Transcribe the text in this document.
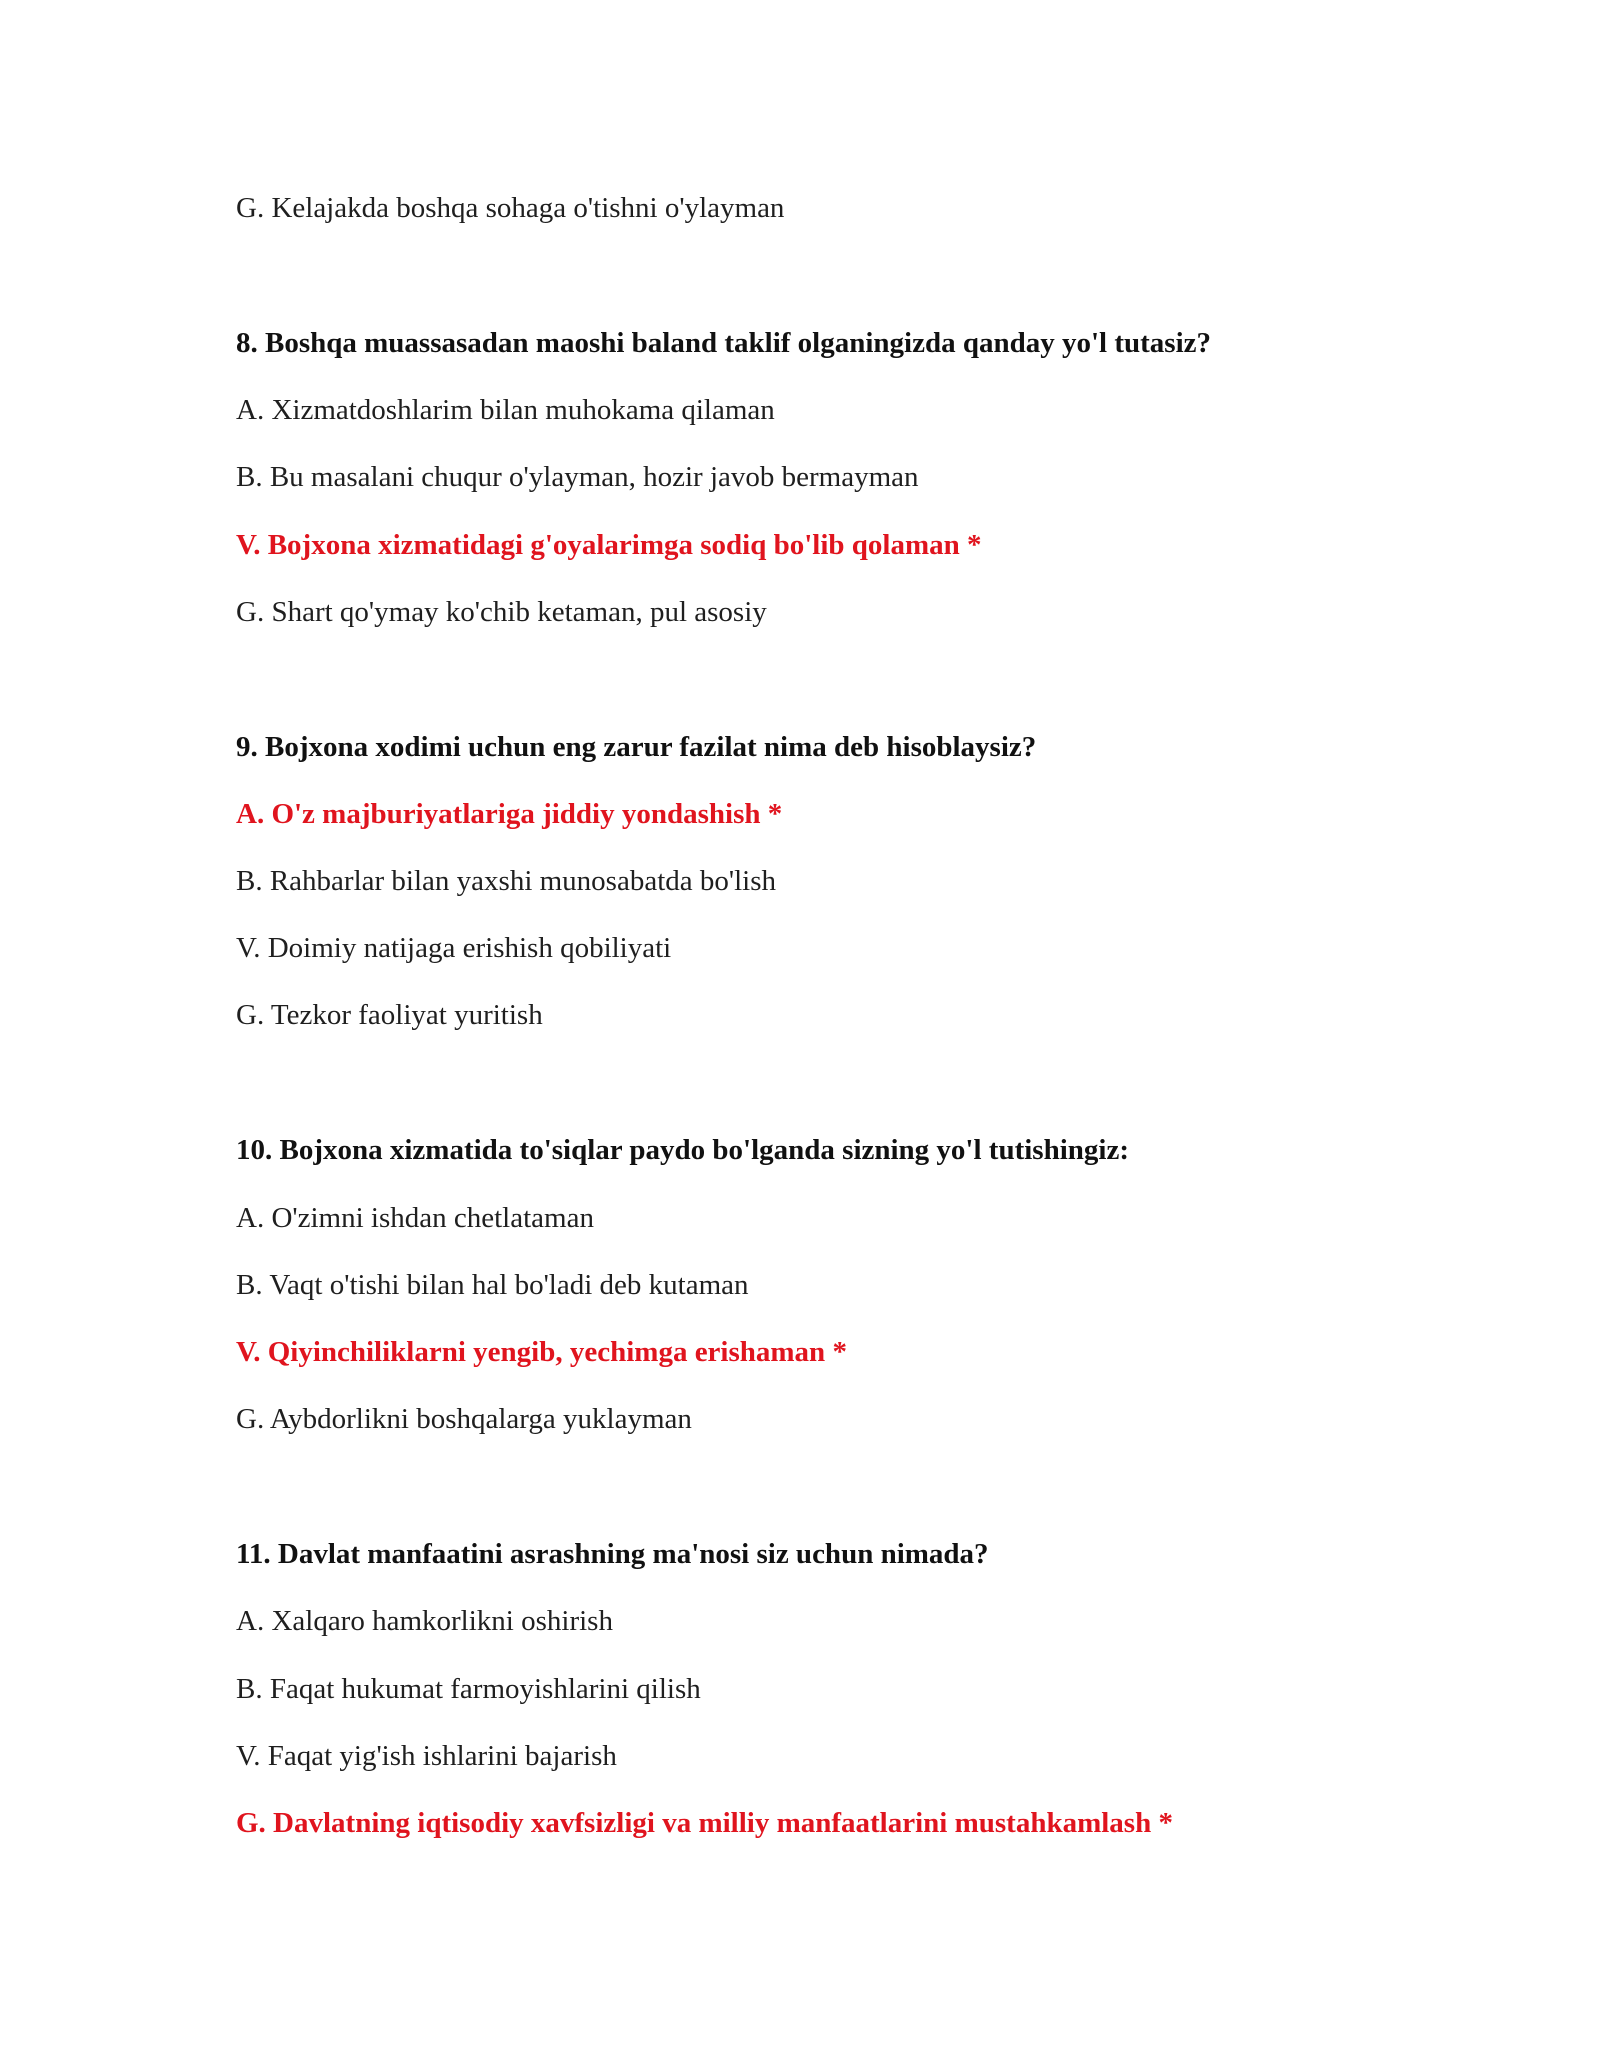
G. Kelajakda boshqa sohaga o'tishni o'ylayman
8. Boshqa muassasadan maoshi baland taklif olganingizda qanday yo'l tutasiz?
A. Xizmatdoshlarim bilan muhokama qilaman
B. Bu masalani chuqur o'ylayman, hozir javob bermayman
V. Bojxona xizmatidagi g'oyalarimga sodiq bo'lib qolaman *
G. Shart qo'ymay ko'chib ketaman, pul asosiy
9. Bojxona xodimi uchun eng zarur fazilat nima deb hisoblaysiz?
A. O'z majburiyatlariga jiddiy yondashish *
B. Rahbarlar bilan yaxshi munosabatda bo'lish
V. Doimiy natijaga erishish qobiliyati
G. Tezkor faoliyat yuritish
10. Bojxona xizmatida to'siqlar paydo bo'lganda sizning yo'l tutishingiz:
A. O'zimni ishdan chetlataman
B. Vaqt o'tishi bilan hal bo'ladi deb kutaman
V. Qiyinchiliklarni yengib, yechimga erishaman *
G. Aybdorlikni boshqalarga yuklayman
11. Davlat manfaatini asrashning ma'nosi siz uchun nimada?
A. Xalqaro hamkorlikni oshirish
B. Faqat hukumat farmoyishlarini qilish
V. Faqat yig'ish ishlarini bajarish
G. Davlatning iqtisodiy xavfsizligi va milliy manfaatlarini mustahkamlash *
